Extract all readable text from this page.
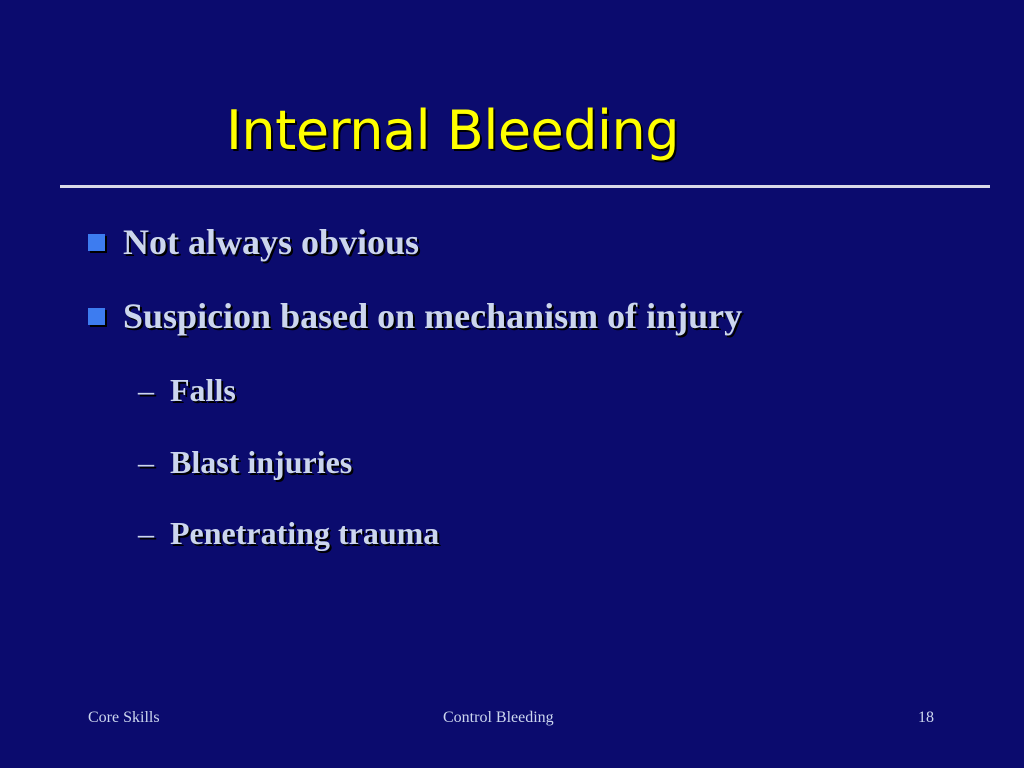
Internal Bleeding
Not always obvious
Suspicion based on mechanism of injury
– Falls
– Blast injuries
– Penetrating trauma
Core Skills	Control Bleeding	18
